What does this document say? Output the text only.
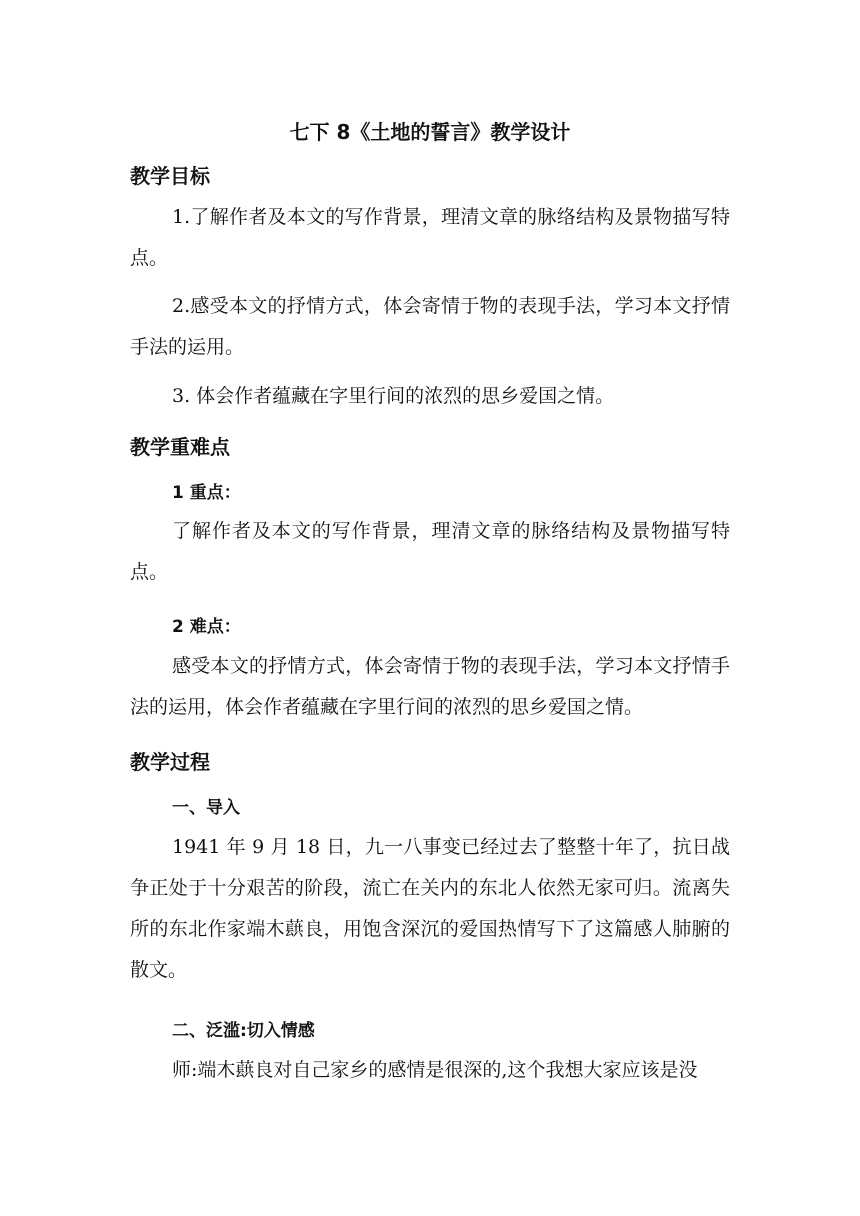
七下 8《土地的誓言》教学设计
教学目标
1.了解作者及本文的写作背景，理清文章的脉络结构及景物描写特点。
2.感受本文的抒情方式，体会寄情于物的表现手法，学习本文抒情手法的运用。
3. 体会作者蕴藏在字里行间的浓烈的思乡爱国之情。
教学重难点
1 重点：
了解作者及本文的写作背景，理清文章的脉络结构及景物描写特点。
2 难点：
感受本文的抒情方式，体会寄情于物的表现手法，学习本文抒情手法的运用，体会作者蕴藏在字里行间的浓烈的思乡爱国之情。
教学过程
一、导入
1941 年 9 月 18 日，九一八事变已经过去了整整十年了，抗日战争正处于十分艰苦的阶段，流亡在关内的东北人依然无家可归。流离失所的东北作家端木蕻良，用饱含深沉的爱国热情写下了这篇感人肺腑的散文。
二、泛滥:切入情感
师:端木蕻良对自己家乡的感情是很深的,这个我想大家应该是没
